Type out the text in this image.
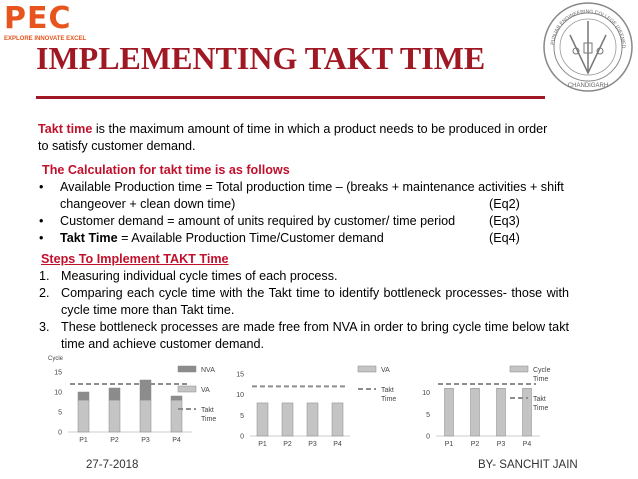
PEC
EXPLORE INNOVATE EXCEL
PUNJAB ENGINEERING COLLEGE (DEEMED
CHANDIGARH
IMPLEMENTING TAKT TIME
Takt time is the maximum amount of time in which a product needs to be produced in order to satisfy customer demand.
The Calculation for takt time is as follows
• Available Production time = Total production time – (breaks + maintenance activities + shift changeover + clean down time)	(Eq2)
• Customer demand = amount of units required by customer/ time period	(Eq3)
• Takt Time = Available Production Time/Customer demand	(Eq4)
Steps To Implement TAKT Time
1. Measuring individual cycle times of each process.
2. Comparing each cycle time with the Takt time to identify bottleneck processes- those with cycle time more than Takt time.
3. These bottleneck processes are made free from NVA in order to bring cycle time below takt time and achieve customer demand.
Cycle
0
5
10
15
P1	P2	P3	P4
NVA
VA
Takt
Time
0
5
10
15
P1 P2 P3 P4
VA
Takt
Time
0
5
10
P1 P2 P3 P4
Cycle
Time
Takt
Time
27-7-2018	BY- SANCHIT JAIN
